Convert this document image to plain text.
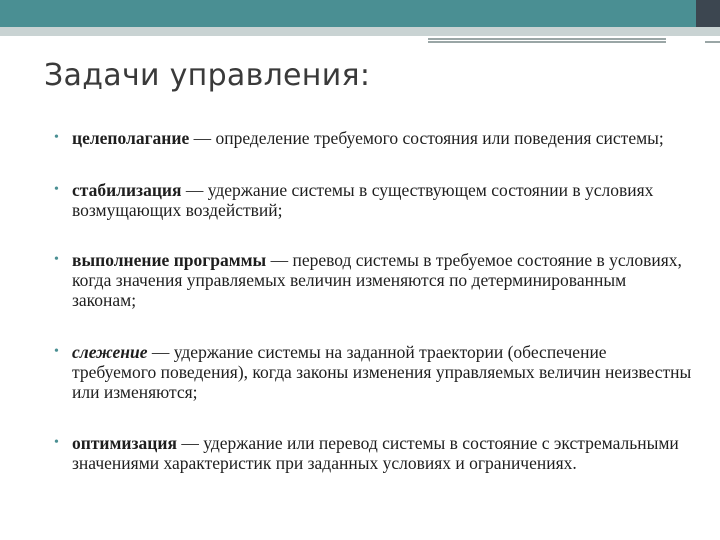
Задачи управления:
• целеполагание — определение требуемого состояния или поведения системы;
• стабилизация — удержание системы в существующем состоянии в условиях возмущающих воздействий;
• выполнение программы — перевод системы в требуемое состояние в условиях, когда значения управляемых величин изменяются по детерминированным законам;
• слежение — удержание системы на заданной траектории (обеспечение требуемого поведения), когда законы изменения управляемых величин неизвестны или изменяются;
• оптимизация — удержание или перевод системы в состояние с экстремальными значениями характеристик при заданных условиях и ограничениях.
